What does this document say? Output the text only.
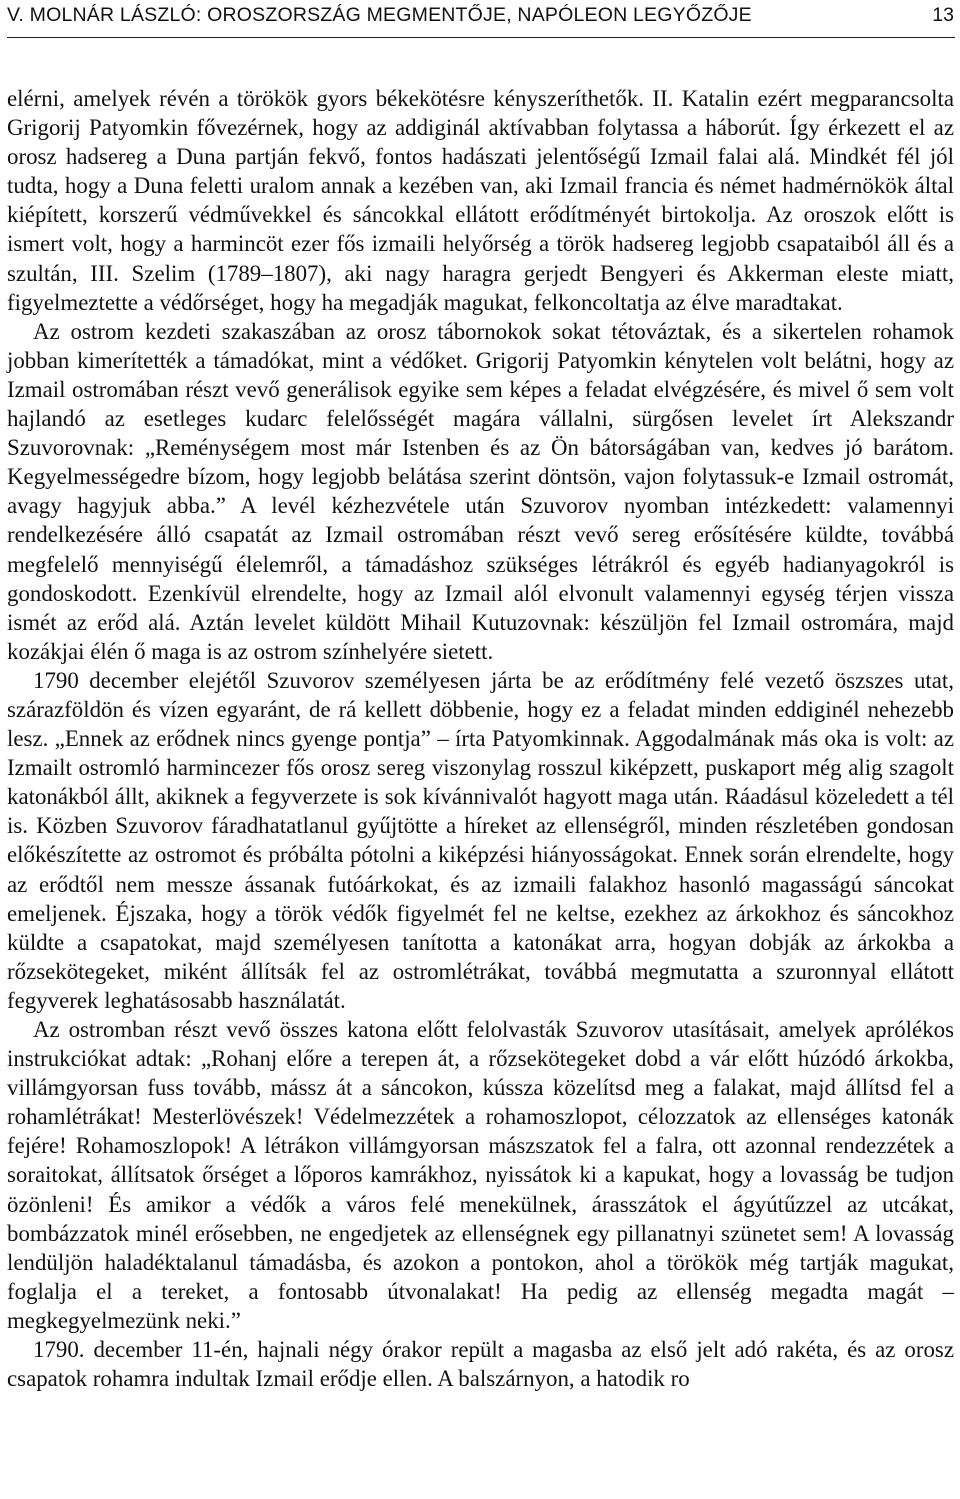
V. MOLNÁR LÁSZLÓ: OROSZORSZÁG MEGMENTŐJE, NAPÓLEON LEGYŐZŐJE	13

elérni, amelyek révén a törökök gyors békekötésre kényszeríthetők. II. Katalin ezért megparancsolta Grigorij Patyomkin fővezérnek, hogy az addiginál aktívabban folytassa a háborút. Így érkezett el az orosz hadsereg a Duna partján fekvő, fontos hadászati jelentőségű Izmail falai alá. Mindkét fél jól tudta, hogy a Duna feletti uralom annak a kezében van, aki Izmail francia és német hadmérnökök által kiépített, korszerű védművekkel és sáncokkal ellátott erődítményét birtokolja. Az oroszok előtt is ismert volt, hogy a harmincöt ezer fős izmaili helyőrség a török hadsereg legjobb csapataiból áll és a szultán, III. Szelim (1789–1807), aki nagy haragra gerjedt Bengyeri és Akkerman eleste miatt, figyelmeztette a védőrséget, hogy ha megadják magukat, felkoncoltatja az élve maradtakat.

Az ostrom kezdeti szakaszában az orosz tábornokok sokat tétováztak, és a sikertelen rohamok jobban kimerítették a támadókat, mint a védőket. Grigorij Patyomkin kénytelen volt belátni, hogy az Izmail ostromában részt vevő generálisok egyike sem képes a feladat elvégzésére, és mivel ő sem volt hajlandó az esetleges kudarc felelősségét magára vállalni, sürgősen levelet írt Alekszandr Szuvorovnak: „Reménységem most már Istenben és az Ön bátorságában van, kedves jó barátom. Kegyelmességedre bízom, hogy legjobb belátása szerint döntsön, vajon folytassuk-e Izmail ostromát, avagy hagyjuk abba.” A levél kézhezvétele után Szuvorov nyomban intézkedett: valamennyi rendelkezésére álló csapatát az Izmail ostromában részt vevő sereg erősítésére küldte, továbbá megfelelő mennyiségű élelemről, a támadáshoz szükséges létrákról és egyéb hadianyagokról is gondoskodott. Ezenkívül elrendelte, hogy az Izmail alól elvonult valamennyi egység térjen vissza ismét az erőd alá. Aztán levelet küldött Mihail Kutuzovnak: készüljön fel Izmail ostromára, majd kozákjai élén ő maga is az ostrom színhelyére sietett.

1790 december elejétől Szuvorov személyesen járta be az erődítmény felé vezető öszszes utat, szárazföldön és vízen egyaránt, de rá kellett döbbenie, hogy ez a feladat minden eddiginél nehezebb lesz. „Ennek az erődnek nincs gyenge pontja” – írta Patyomkinnak. Aggodalmának más oka is volt: az Izmailt ostromló harmincezer fős orosz sereg viszonylag rosszul kiképzett, puskaport még alig szagolt katonákból állt, akiknek a fegyverzete is sok kívánnivalót hagyott maga után. Ráadásul közeledett a tél is. Közben Szuvorov fáradhatatlanul gyűjtötte a híreket az ellenségről, minden részletében gondosan előkészítette az ostromot és próbálta pótolni a kiképzési hiányosságokat. Ennek során elrendelte, hogy az erődtől nem messze ássanak futóárkokat, és az izmaili falakhoz hasonló magasságú sáncokat emeljenek. Éjszaka, hogy a török védők figyelmét fel ne keltse, ezekhez az árkokhoz és sáncokhoz küldte a csapatokat, majd személyesen tanította a katonákat arra, hogyan dobják az árkokba a rőzsekötegeket, miként állítsák fel az ostromlétrákat, továbbá megmutatta a szuronnyal ellátott fegyverek leghatásosabb használatát.

Az ostromban részt vevő összes katona előtt felolvasták Szuvorov utasításait, amelyek aprólékos instrukciókat adtak: „Rohanj előre a terepen át, a rőzsekötegeket dobd a vár előtt húzódó árkokba, villámgyorsan fuss tovább, mássz át a sáncokon, kússza közelítsd meg a falakat, majd állítsd fel a rohamlétrákat! Mesterlövészek! Védelmezzétek a rohamoszlopot, célozzatok az ellenséges katonák fejére! Rohamoszlopok! A létrákon villámgyorsan mászszatok fel a falra, ott azonnal rendezzétek a soraitokat, állítsatok őrséget a lőporos kamrákhoz, nyissátok ki a kapukat, hogy a lovasság be tudjon özönleni! És amikor a védők a város felé menekülnek, árasszátok el ágyútűzzel az utcákat, bombázzatok minél erősebben, ne engedjetek az ellenségnek egy pillanatnyi szünetet sem! A lovasság lendüljön haladéktalanul támadásba, és azokon a pontokon, ahol a törökök még tartják magukat, foglalja el a tereket, a fontosabb útvonalakat! Ha pedig az ellenség megadta magát – megkegyelmezünk neki.”

1790. december 11-én, hajnali négy órakor repült a magasba az első jelt adó rakéta, és az orosz csapatok rohamra indultak Izmail erődje ellen. A balszárnyon, a hatodik ro
